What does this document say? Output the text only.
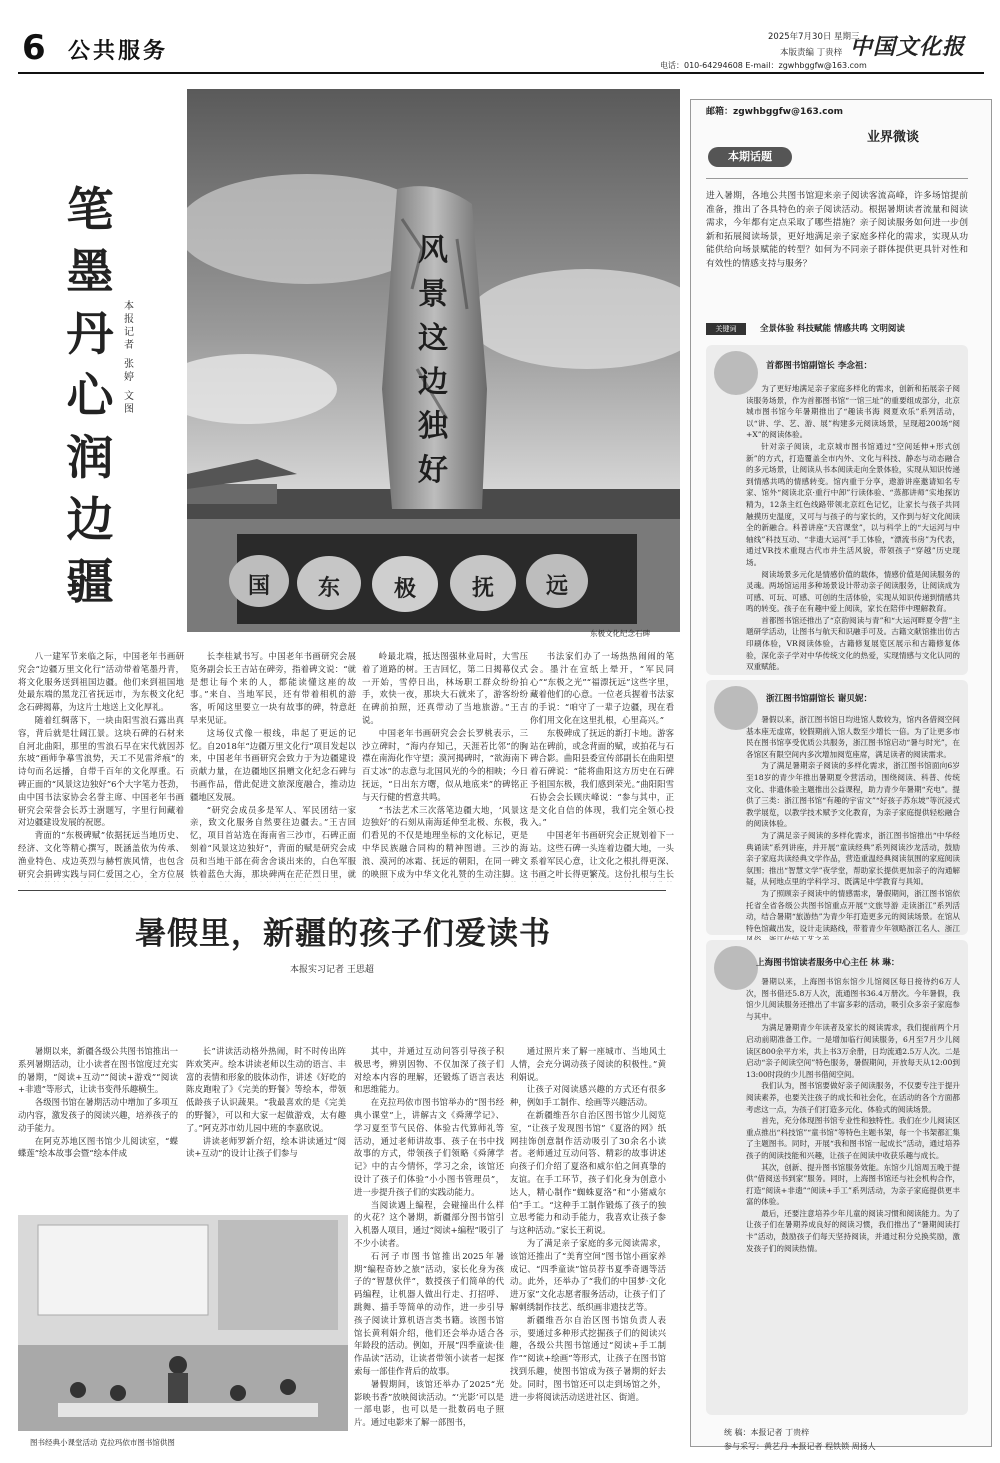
6 公共服务
2025年7月30日 星期三
本版责编 丁贵梓
电话：010-64294608 E-mail：zgwhbggfw@163.com
中国文化报
风景这边独好
国 东 极	抚 远
东极文化纪念石碑
笔
墨
丹
心
润
边
疆
本
报
记
者
张
婷
文
图

八一建军节来临之际，中国老年书画研究会“边疆万里文化行”活动带着笔墨丹青，将文化服务送到祖国边疆。他们来到祖国地处最东端的黑龙江省抚远市，为东极文化纪念石碑揭幕，为这片土地送上文化厚礼。

随着红绸落下，一块由阳雪浪石露出真容，背后就是壮阔江景。这块石碑的石材来自河北曲阳，那里的雪浪石早在宋代就因苏东坡“画师争摹雪浪势，天工不见雷斧痕”的诗句而名远播，自带千百年的文化厚重。石碑正面的“风景这边独好”6个大字笔力苍劲，由中国书法家协会名誉主席、中国老年书画研究会荣誉会长苏士澍题写，字里行间藏着对边疆建设发展的祝愿。

背面的“东极碑赋”依据抚远当地历史、经济、文化等精心撰写，既涵盖依为传承、渔业特色、戍边英烈与赫哲族风情，也包含研究会捐碑实践与同仁爱国之心，全方位展

长李桂斌书写。中国老年书画研究会展览务副会长王吉站在碑旁，指着碑文说：“就是想让每个来的人，都能读懂这座的故事。”来自、当地军民，还有带着相机的游客，听闻这里要立一块有故事的碑，特意赶早来见证。

这场仪式像一根线，串起了更远的记忆。自2018年“边疆万里文化行”项目发起以来，中国老年书画研究会致力于为边疆建设贡献力量，在边疆地区捐赠文化纪念石碑与书画作品，借此促进文旅深度融合，推动边疆地区发展。

“研究会成员多是军人、军民团结一家亲，致文化服务自然要往边疆去。”王吉回忆，项目首站选在海南省三沙市，石碑正面刻着“风景这边独好”，背面的赋是研究会成员和当地干部在荷舍舍谈出来的，白色军服铁着蓝色大海，那块碑两在茫茫烈日里，就

岭最北端，抵达图强林业局时，大雪压着了道路的树。王吉回忆，第二日揭幕仪式一开始，雪停日出，林场职工群众纷纷拍手，欢快一夜，那块大石就来了，游客纷纷在碑前拍照，还真带动了当地旅游。”王吉说。

中国老年书画研究会会长罗桃表示，三沙立碑时，“海内存知己，天涯若比邻”的胸襟在南海化作守望；漠河揭碑时，“欲海南下百丈冰”的志意与北国风光的今的相映；今日抚远，“日出东方曙，似从地底来”的碑铭正与天行健的哲意共鸣。

“书法艺术三次落笔边疆大地，‘风景这边独好’的石刻从南海延伸至北极、东极，我们看见的不仅是地理坐标的文化标记，更是中华民族融合同构的精神图谱。三沙的海浪、漠河的冰霜、抚远的朝阳，在同一碑文的映照下成为中华文化礼赞的生动注脚。这

书法家们办了一场热热闹闹的笔会。墨汁在宣纸上晕开，“军民同心”“东极之光”“福漂抚远”这些字里，藏着他们的心意。一位老兵握着书法家的手说：“咱守了一辈子边疆，现在看你们用文化在这里扎根，心里高兴。”

东极碑成了抚远的新打卡地。游客站在碑前，或念背面的赋，或拍花与石碑合影。曲阳县委宣传部副长在曲阳望着石碑说：“能将曲阳这方历史在石碑予祖国东极，我们感到荣光。”曲阳阳雪石协会会长顾庆峰说：“参与其中，正是文化自信的体现，我们完全领心投入。”

中国老年书画研究会正规划着下一站。这些石碑一头连着边疆大地，一头系着军民心意，让文化之根扎得更深、书画之叶长得更繁茂。这份扎根与生长

暑假里，新疆的孩子们爱读书
本报实习记者 王思超

暑期以来，新疆各级公共图书馆推出一系列暑期活动，让小读者在图书馆度过充实的暑期，“阅读+互动”“阅读+游戏”“阅读+非遗”等形式，让读书变得乐趣横生。

各级图书馆在暑期活动中增加了多项互动内容，激发孩子的阅读兴趣，培养孩子的动手能力。

在阿克苏地区图书馆少儿阅读室，“蝶蝶莲”绘本故事会暨“绘本伴成

长”讲读活动格外热闹，时不时传出阵阵欢笑声。绘本讲读老师以生动的语言、丰富的表情和形象的肢体动作，讲述《好吃的陈皮跑啦了》《完美的野餐》等绘本，带领低龄孩子认识蔬果。“我最喜欢的是《完美的野餐》，可以和大家一起做游戏，太有趣了。”阿克苏市幼儿园中班的李嘉欣说。

讲读老师罗新介绍，绘本讲读通过“阅读+互动”的设计让孩子们参与

其中，并通过互动问答引导孩子积极思考，辨别因物、不仅加深了孩子们对绘本内容的理解，还锻炼了语言表达和思维能力。

在克拉玛依市图书馆举办的“图书经典小课堂”上，讲解古文《舜薄学记》、学习夏至节气民俗、体验古代算师礼等活动，通过老师讲故事、孩子在书中找故事的方式，带领孩子们领略《舜薄学记》中的古今情怀，学习之余，该馆还设计了孩子们体验“小小图书管理员”，进一步提升孩子们的实践动能力。

当阅读遇上编程，会碰撞出什么样的火花？这个暑期，新疆部分图书馆引入机器人项目，通过“阅读+编程”吸引了不少小读者。

石河子市图书馆推出2025年暑期“编程奇妙之旅”活动，家长化身为孩子的“智慧伙伴”，数授孩子们简单的代码编程，让机器人做出行走、打招呼、跳舞、描手等简单的动作，进一步引导孩子阅读计算机语言类书籍。该图书馆馆长黄利娟介绍，他们还会举办适合各年龄段的活动。例如，开展“四季童读·佳作品读”活动，让读者带领小读者一起探索每一部佳作背后的故事。

暑假期间，该馆还举办了2025“光影映书香”放映阅读活动。“‘光影’可以是一部电影，也可以是一批数码电子照片。通过电影来了解一部图书，

通过照片来了解一座城市、当地风土人情，会充分调动孩子阅读的积极性。”黄利娟说。

让孩子对阅读感兴趣的方式还有很多种，例如手工制作、绘画等兴趣活动。

在新疆维吾尔自治区图书馆少儿阅览室，“让孩子发现图书馆”《夏洛的网》纸网挂饰创意制作活动吸引了30余名小读者。老师通过互动问答、精彩的故事讲述向孩子们介绍了夏洛和威尔伯之间真挚的友谊。在手工环节，孩子们化身为创意小达人，精心制作“蜘蛛夏洛”和“小猪威尔伯”手工。“这种手工制作锻炼了孩子的独立思考能力和动手能力，我喜欢让孩子参与这种活动。”家长王莉说。

为了满足亲子家庭的多元阅读需求，该馆还推出了“美育空间”图书馆小画家养成记、“四季童读”馆员荐书夏季奇遇等活动。此外，还举办了“我们的中国梦·文化进万家”文化志愿者服务活动，让孩子们了解刺绣制作技艺、纸织画非遗技艺等。

新疆维吾尔自治区图书馆负责人表示，要通过多种形式挖掘孩子们的阅读兴趣，各级公共图书馆通过“阅读+手工制作”“阅读+绘画”等形式，让孩子在图书馆找到乐趣，使图书馆成为孩子暑期的好去处。同时，图书馆还可以走到场馆之外，进一步将阅读活动送进社区、街道。

图书经典小课堂活动 克拉玛依市图书馆供图
邮箱：zgwhbggfw@163.com
业界微谈
本期话题
进入暑期，各地公共图书馆迎来亲子阅读客流高峰，许多场馆提前准备，推出了各具特色的亲子阅读活动。根据暑期读者流量和阅读需求，今年都有定点采取了哪些措施？亲子阅读服务如何进一步创新和拓展阅读场景，更好地满足亲子家庭多样化的需求，实现从功能供给向场景赋能的转型？如何为不同亲子群体提供更具针对性和有效性的情感支持与服务？
关键词	全景体验 科技赋能 情感共鸣 文明阅读
首都图书馆副馆长 李念祖：

为了更好地满足亲子家庭多样化的需求，创新和拓展亲子阅读服务场景，作为首都图书馆“一馆三址”的重要组成部分，北京城市图书馆今年暑期推出了“趣读书海 阅夏欢乐”系列活动，以“讲、学、艺、游、展”构建多元阅读场景，呈现超200场“阅+X”的阅读体验。

针对亲子阅读，北京城市图书馆通过“空间延伸+形式创新”的方式，打造覆盖全市内外、文化与科技、静态与动态融合的多元场景，让阅读从书本阅读走向全景体验，实现从知识传递到情感共鸣的情感转变。馆内重于分享，遨游讲座邀请知名专家、馆外“阅读北京·重行中卸”行读体验、“蒸都讲师”实地探访精为，12条主红色线路带领北京红色记忆，让家长与孩子共同触摸历史温度，又可与与孩子的与家长的，又作到与好文化阅读全的新融合。科普讲座“天宫课堂”，以与科学上的“大运河与中轴线”科技互动、“非遗大运河”手工体验，“漂流书房”为代表，通过VR技术重现古代市井生活风貌，带领孩子“穿越”历史现场。

阅读场景多元化是情感价值的载体，情感价值是阅读服务的灵魂。两场馆运用多种场景设计带动亲子阅读服务，让阅读成为可感、可玩、可感、可创的生活体验，实现从知识传递到情感共鸣的转变。孩子在有趣中爱上阅读，家长在陪伴中理解教育。

首都图书馆还推出了“京韵阅读与青”和“大运河畔夏令营”主题研学活动，让图书与航天和识融手可及。古籍文献馆推出仿古印刷体验，VR阅读体验，古籍修复展览区展示和古籍修复体验，深化亲子学对中华传统文化的热爱，实现情感与文化认同的双重赋能。

浙江图书馆副馆长 谢贝妮：

暑假以来，浙江图书馆日均进馆人数较为，馆内各借阅空间基本座无虚席，较假期前入馆人数至少增长一倍。为了让更多市民在图书馆享受优质公共服务，浙江图书馆启动“暑与时光”，在各馆区有限空间内多次增加阅览座席，满足读者的阅读需求。

为了满足暑期亲子阅读的多样化需求，浙江图书馆面向6岁至18岁的青少年推出暑期夏令营活动，围绕阅读、科普、传统文化、非遗体验主题推出公益课程，助力青少年暑期“充电”。提供了三类：浙江图书馆“有趣的宇宙文”“好孩子苏东坡”等沉浸式教学展览，以教学技术赋予文化教育，为亲子家庭提供轻松融合的阅读体验。

为了满足亲子阅读的多样化需求，浙江图书馆推出“中华经典诵读”系列讲座，并开展“童读经典”系列阅读沙龙活动，鼓励亲子家庭共读经典文学作品，营造重温经典阅读氛围的家庭阅读氛围；推出“智慧文学”夜学堂，帮助家长提供更加亲子的沟通解疑，从何地点里的学科学习、既满足中学教育与具知。

为了照顾亲子阅读中的情感需求，暑假期间，浙江图书馆依托省全省各级公共图书馆重点开展“文旅导游 走读浙江”系列活动，结合暑期“旅游热”为青少年打造更多元的阅读场景。在馆从特色馆藏出发，设计走读路线，带着青少年领略浙江名人、浙江

上海图书馆读者服务中心主任 林 琳：

暑期以来，上海图书馆东馆少儿馆阅区每日接待约6万人次，图书借还5.8万人次，流通图书36.4万册次。今年暑假，我馆少儿阅读服务还推出了丰富多彩的活动，吸引众多亲子家庭参与其中。

为满足暑期青少年读者及家长的阅读需求，我们提前两个月启动前期准备工作。一是增加临行阅读服务，6月至7月少儿阅读区800余平方米，共上书3万余册，日均流通2.5万人次。二是启动“亲子阅读空间”特色服务，暑假期间，开放每天从12:00到13:00时段的少儿图书借阅空间。

我们认为，图书馆要做好亲子阅读服务，不仅要专注于提升阅读素养，也要关注孩子的成长和社会化，在活动的各个方面都考虑这一点，为孩子们打造多元化、体验式的阅读场景。

首先，充分体现图书馆专业性和独特性。我们在少儿阅读区重点推出“科技馆”“童书馆”等特色主题书架，每一个书架都汇集了主题图书。同时，开展“我和图书馆一起成长”活动，通过培养孩子的阅读技能和兴趣，让孩子在阅读中收获乐趣与成长。

其次，创新、提升图书馆服务效能。东馆少儿馆周五晚于提供“借阅送书到家”服务。同时，上海图书馆还与社会机构合作，打造“阅读+非遗”“阅读+手工”系列活动，为亲子家庭提供更丰富的体验。

最后，还要注意培养少年儿童的阅读习惯和阅读能力。为了让孩子们在暑期养成良好的阅读习惯，我们推出了“暑期阅读打卡”活动，鼓励孩子们每天坚持阅读，并通过积分兑换奖励，激发孩子们的阅读热情。

统 稿：本报记者 丁贵梓
参与采写：黄艺丹 本报记者 程铁锁 周扬人
